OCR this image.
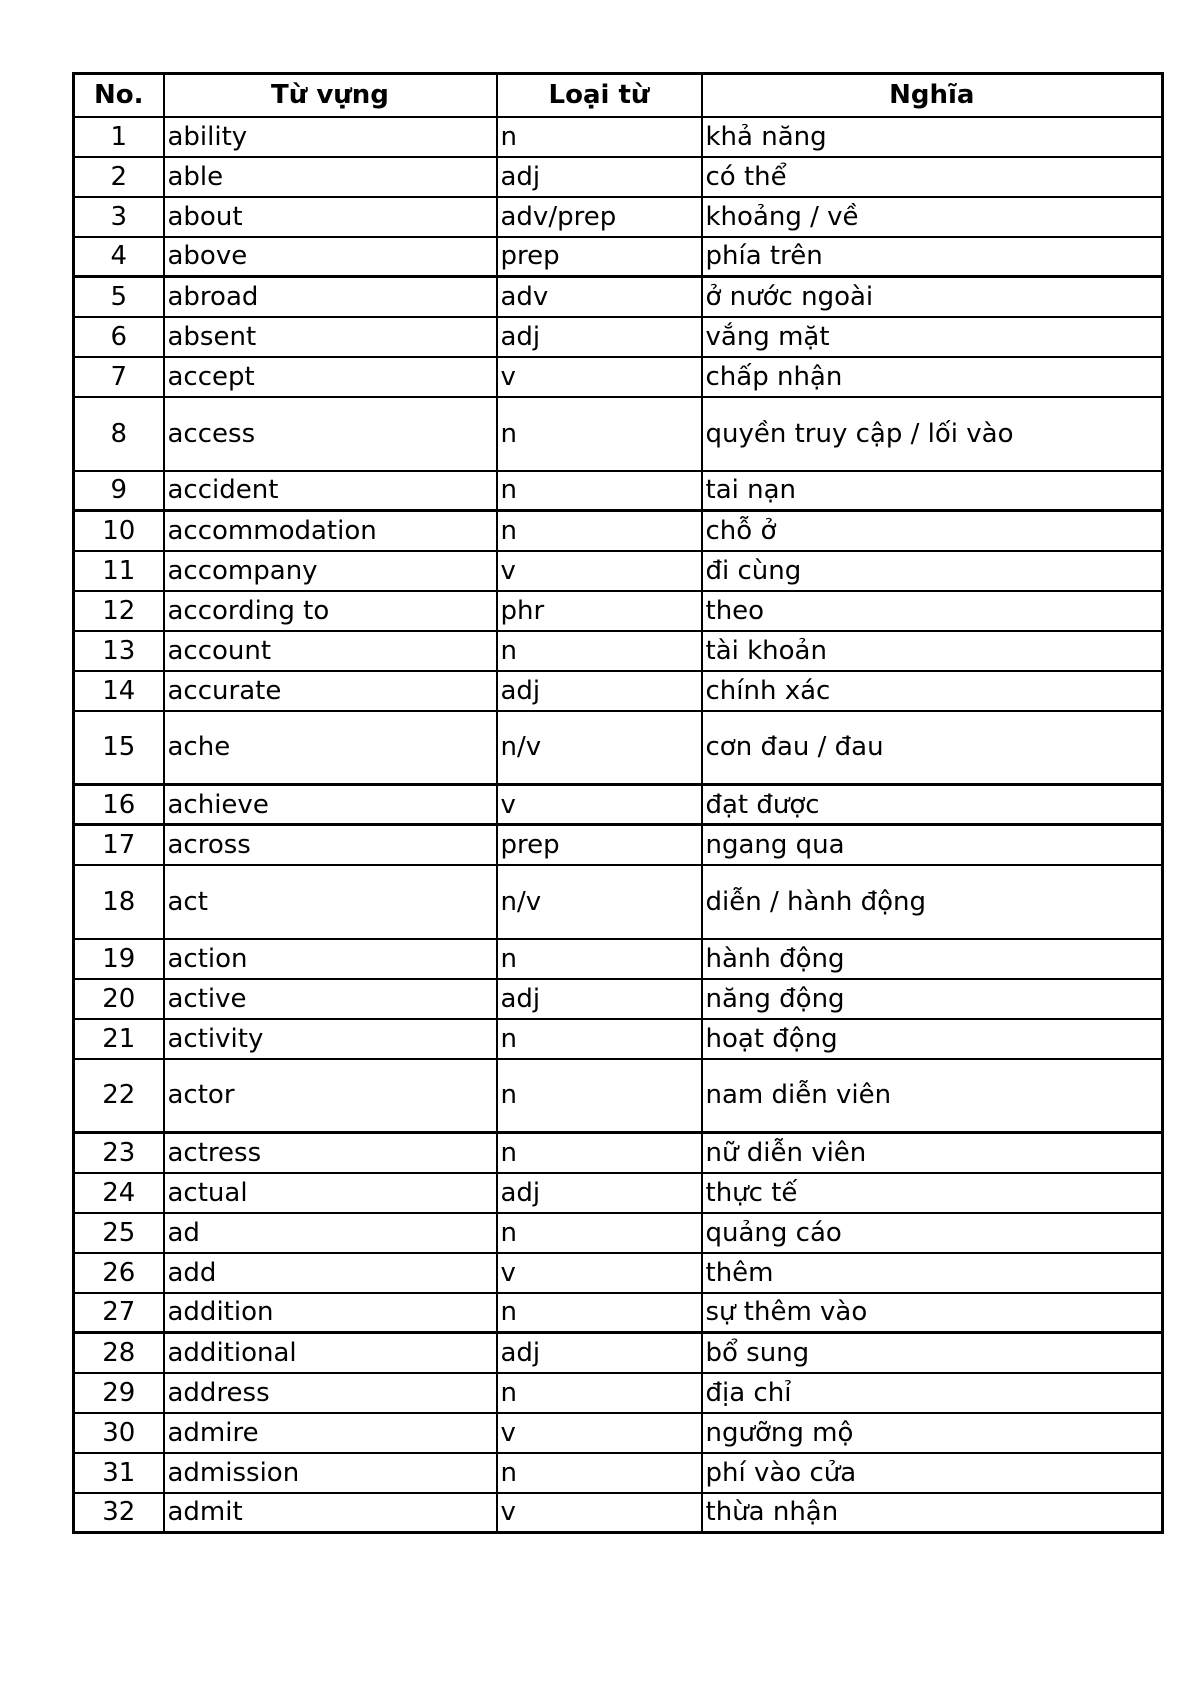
No.	Từ vựng	Loại từ	Nghĩa
1	ability	n	khả năng
2	able	adj	có thể
3	about	adv/prep	khoảng / về
4	above	prep	phía trên
5	abroad	adv	ở nước ngoài
6	absent	adj	vắng mặt
7	accept	v	chấp nhận
8	access	n	quyền truy cập / lối vào
9	accident	n	tai nạn
10	accommodation	n	chỗ ở
11	accompany	v	đi cùng
12	according to	phr	theo
13	account	n	tài khoản
14	accurate	adj	chính xác
15	ache	n/v	cơn đau / đau
16	achieve	v	đạt được
17	across	prep	ngang qua
18	act	n/v	diễn / hành động
19	action	n	hành động
20	active	adj	năng động
21	activity	n	hoạt động
22	actor	n	nam diễn viên
23	actress	n	nữ diễn viên
24	actual	adj	thực tế
25	ad	n	quảng cáo
26	add	v	thêm
27	addition	n	sự thêm vào
28	additional	adj	bổ sung
29	address	n	địa chỉ
30	admire	v	ngưỡng mộ
31	admission	n	phí vào cửa
32	admit	v	thừa nhận
